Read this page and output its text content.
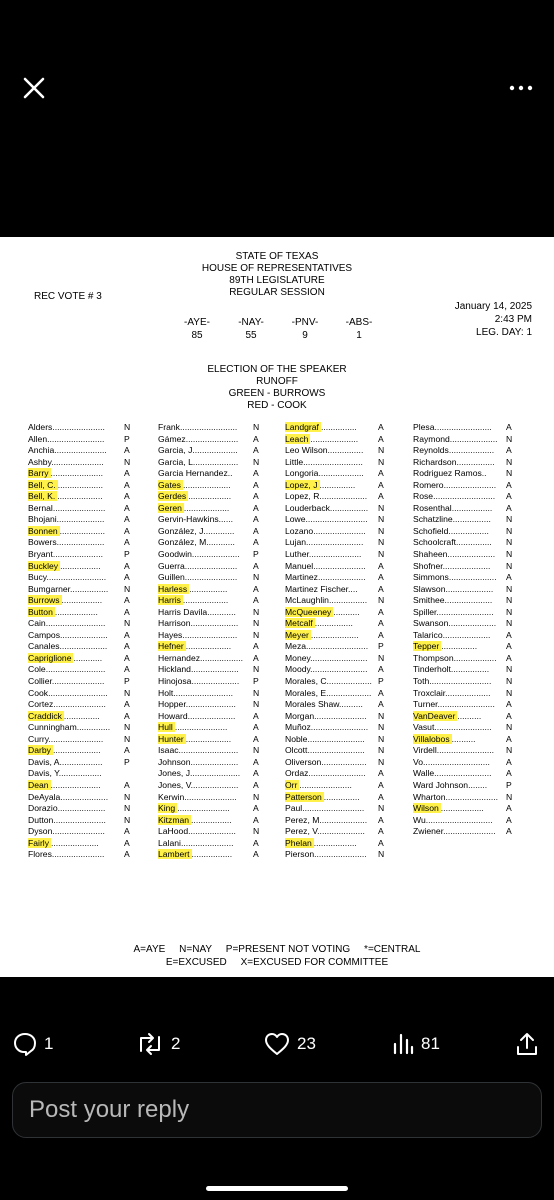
STATE OF TEXAS
HOUSE OF REPRESENTATIVES
89TH LEGISLATURE
REGULAR SESSION
REC VOTE # 3
January 14, 2025
2:43 PM
LEG. DAY: 1
-AYE-
85
-NAY-
55
-PNV-
9
-ABS-
1
ELECTION OF THE SPEAKER
RUNOFF
GREEN - BURROWS
RED - COOK
Alders......................	N
Allen........................	P
Anchia......................	A
Ashby......................	N
Barry ......................	A
Bell, C. ...................	A
Bell, K. ...................	A
Bernal......................	A
Bhojani....................	A
Bonnen ...................	A
Bowers....................	A
Bryant.....................	P
Buckley .................	A
Bucy.........................	A
Bumgarner................	N
Burrows .................	A
Button ..................	A
Cain.........................	N
Campos....................	A
Canales....................	A
Capriglione ............	A
Cole.........................	A
Collier......................	P
Cook.........................	N
Cortez......................	A
Craddick ...............	A
Cunningham..............	N
Curry.......................	N
Darby ....................	A
Davis, A..................	P
Davis, Y..................
Dean .....................	A
DeAyala....................	N
Dorazio....................	N
Dutton......................	N
Dyson......................	A
Fairly ....................	A
Flores......................	A
Frank........................	N
Gámez......................	A
Garcia, J...................	A
Garcia, L...................	N
Garcia Hernandez..	A
Gates ....................	A
Gerdes ..................	A
Geren ...................	A
Gervin-Hawkins......	A
González, J.............	A
González, M............	A
Goodwin....................	P
Guerra......................	A
Guillen......................	N
Harless ................	A
Harris ...................	A
Harris Davila............	N
Harrison....................	N
Hayes.......................	N
Hefner ...................	A
Hernandez..................	A
Hickland....................	N
Hinojosa....................	P
Holt.........................	N
Hopper.....................	N
Howard....................	A
Hull ......................	A
Hunter ...................	A
Isaac.........................	N
Johnson....................	A
Jones, J.....................	A
Jones, V....................	A
Kerwin......................	N
King ......................	A
Kitzman .................	A
LaHood....................	N
Lalani......................	A
Lambert .................	A
Landgraf ...............	A
Leach ....................	A
Leo Wilson...............	N
Little.........................	N
Longoria...................	A
Lopez, J ...............	A
Lopez, R....................	A
Louderback................	N
Lowe..........................	N
Lozano......................	N
Lujan........................	N
Luther......................	N
Manuel......................	A
Martinez....................	A
Martinez Fischer....	A
McLaughlin................	N
McQueeney ...........	A
Metcalf ................	A
Meyer ....................	A
Meza..........................	P
Money........................	N
Moody........................	A
Morales, C................... P
Morales, E................... A
Morales Shaw..........	A
Morgan......................	N
Muñoz........................	N
Noble........................	N
Olcott........................	N
Oliverson...................	N
Ordaz........................	A
Orr ......................	A
Patterson ...............	A
Paul..........................	N
Perez, M....................	A
Perez, V....................	A
Phelan ..................	A
Pierson......................	N
Plesa........................	A
Raymond.................... N
Reynolds...................	A
Richardson................	N
Rodriguez Ramos..	N
Romero......................	A
Rose..........................	A
Rosenthal.................	A
Schatzline................	N
Schofield.................	N
Schoolcraft...............	N
Shaheen....................	N
Shofner....................	N
Simmons....................	A
Slawson....................	N
Smithee....................	N
Spiller........................	N
Swanson....................	N
Talarico....................	A
Tepper ...............	A
Thompson..................	A
Tinderholt................	N
Toth..........................	N
Troxclair...................	N
Turner........................	A
VanDeaver ..........	A
Vasut........................	N
Villalobos ..........	A
Virdell........................	N
Vo............................	A
Walle........................	A
Ward Johnson........	P
Wharton...................... N
Wilson ..................	A
Wu............................	A
Zwiener......................	A
A=AYE     N=NAY     P=PRESENT NOT VOTING     *=CENTRAL
E=EXCUSED     X=EXCUSED FOR COMMITTEE
1	2	23	81
Post your reply
